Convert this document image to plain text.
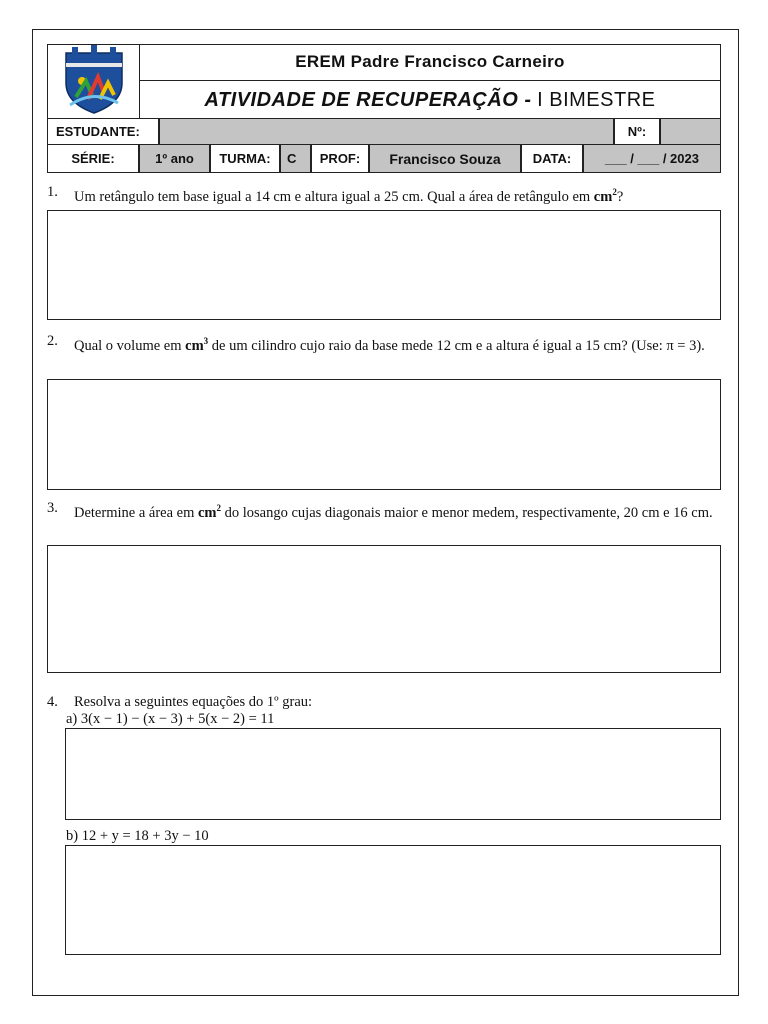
	EREM Padre Francisco Carneiro
ATIVIDADE DE RECUPERAÇÃO - I BIMESTRE
ESTUDANTE:	Nº:
SÉRIE:	1º ano	TURMA:	C	PROF:	Francisco Souza	DATA:	___ / ___ / 2023
1. Um retângulo tem base igual a 14 cm e altura igual a 25 cm. Qual a área de retângulo em $cm^2$?
2. Qual o volume em $cm^3$ de um cilindro cujo raio da base mede 12 cm e a altura é igual a 15 cm? (Use: π = 3).
3. Determine a área em $cm^2$ do losango cujas diagonais maior e menor medem, respectivamente, 20 cm e 16 cm.
4. Resolva a seguintes equações do 1º grau:
a) 3(x − 1) − (x − 3) + 5(x − 2) = 11
b) 12 + y = 18 + 3y − 10
